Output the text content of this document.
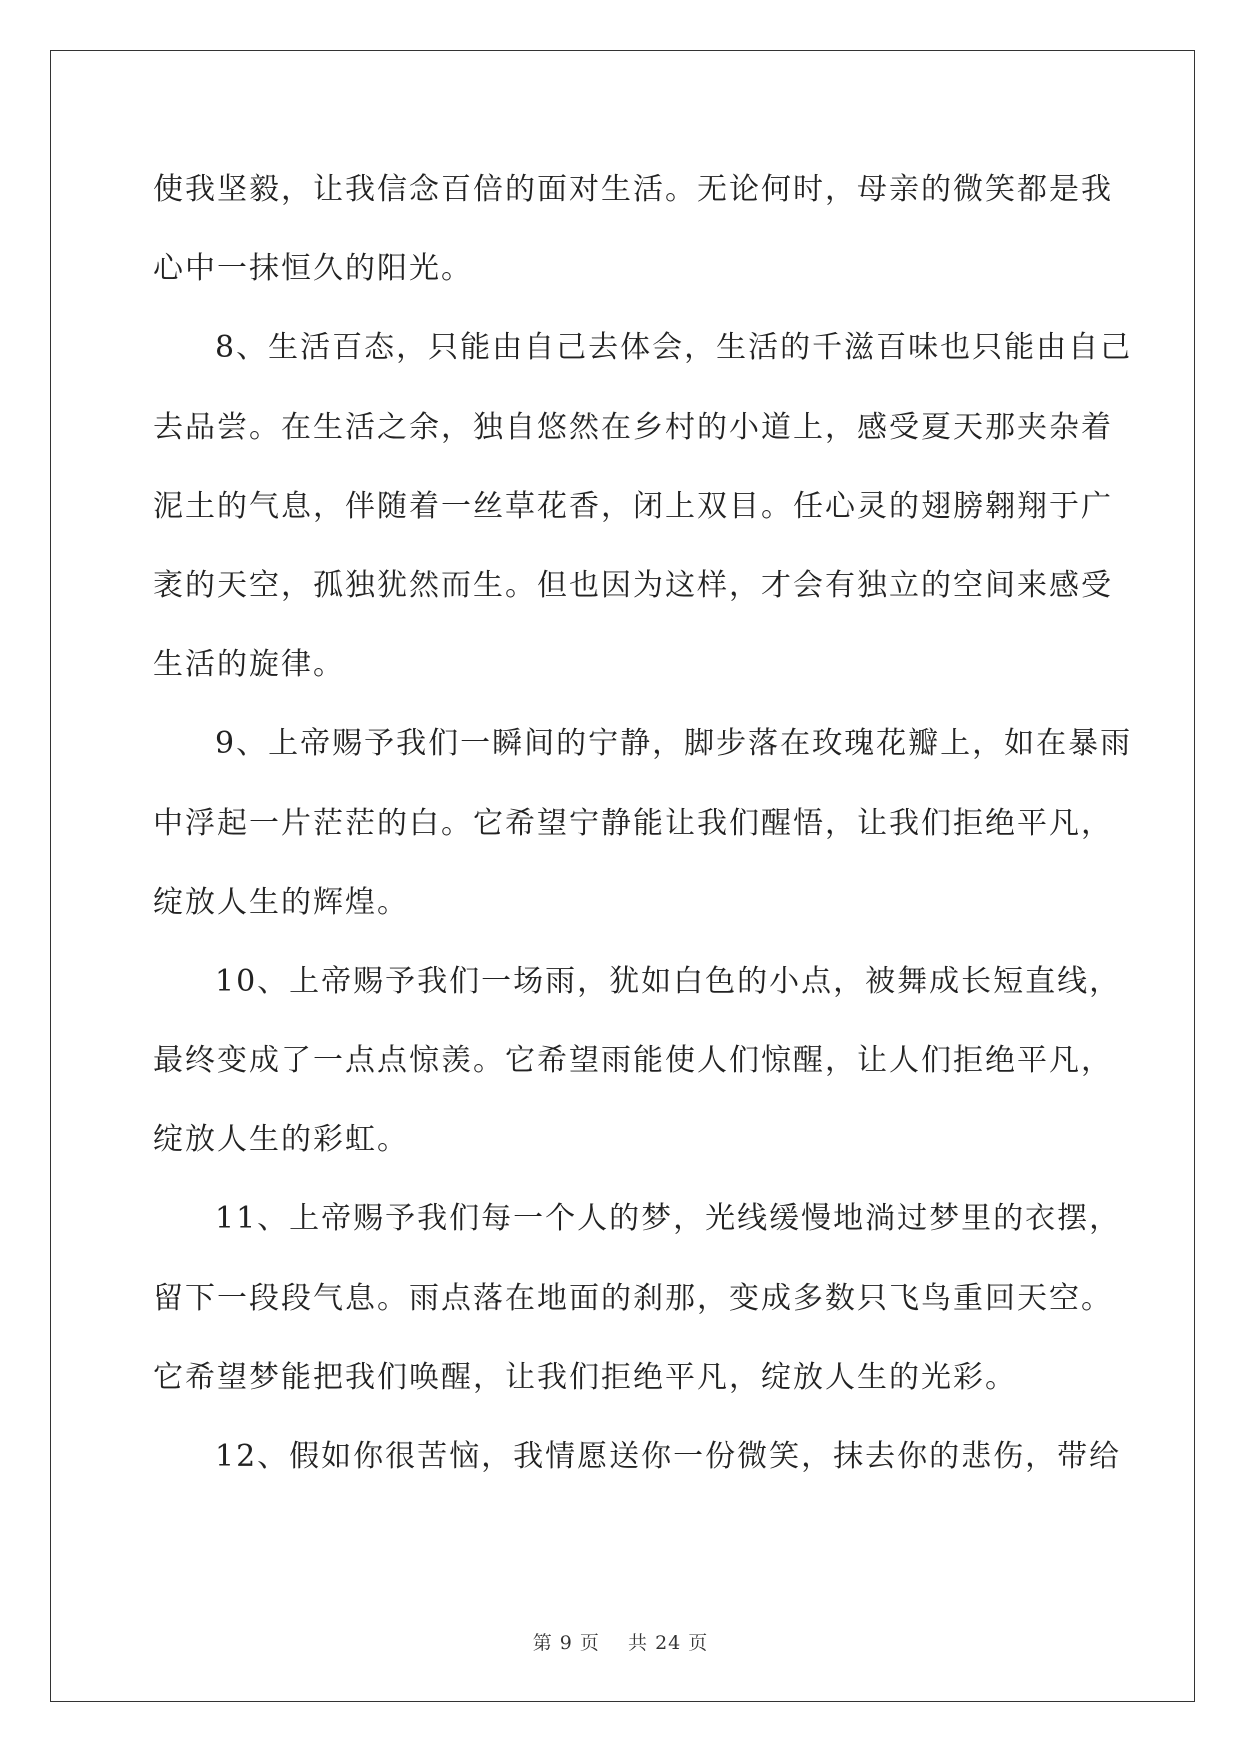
使我坚毅，让我信念百倍的面对生活。无论何时，母亲的微笑都是我
心中一抹恒久的阳光。
8、生活百态，只能由自己去体会，生活的千滋百味也只能由自己
去品尝。在生活之余，独自悠然在乡村的小道上，感受夏天那夹杂着
泥土的气息，伴随着一丝草花香，闭上双目。任心灵的翅膀翱翔于广
袤的天空，孤独犹然而生。但也因为这样，才会有独立的空间来感受
生活的旋律。
9、上帝赐予我们一瞬间的宁静，脚步落在玫瑰花瓣上，如在暴雨
中浮起一片茫茫的白。它希望宁静能让我们醒悟，让我们拒绝平凡，
绽放人生的辉煌。
10、上帝赐予我们一场雨，犹如白色的小点，被舞成长短直线，
最终变成了一点点惊羡。它希望雨能使人们惊醒，让人们拒绝平凡，
绽放人生的彩虹。
11、上帝赐予我们每一个人的梦，光线缓慢地淌过梦里的衣摆，
留下一段段气息。雨点落在地面的刹那，变成多数只飞鸟重回天空。
它希望梦能把我们唤醒，让我们拒绝平凡，绽放人生的光彩。
12、假如你很苦恼，我情愿送你一份微笑，抹去你的悲伤，带给
第 9 页 共 24 页
